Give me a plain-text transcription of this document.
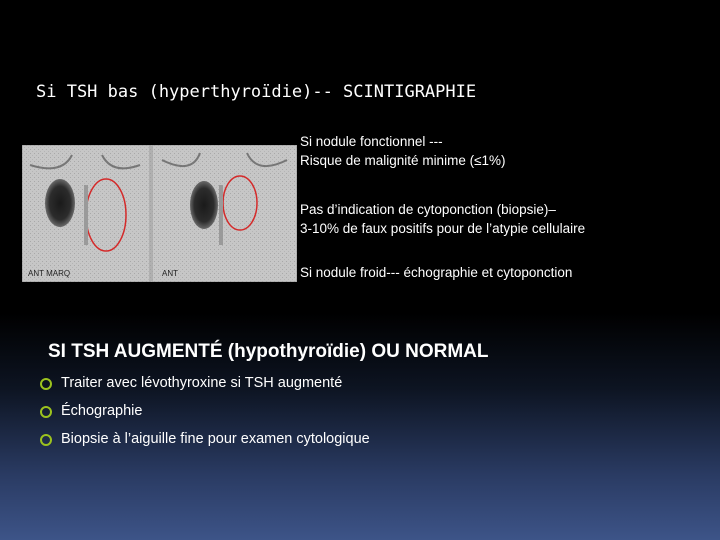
Si TSH bas (hyperthyroïdie)-- SCINTIGRAPHIE
ANT MARQ	ANT

Si nodule fonctionnel ---

Risque de malignité minime (≤1%)

Pas d’indication de cytoponction (biopsie)–

3-10% de faux positifs pour de l’atypie cellulaire

Si nodule froid--- échographie et cytoponction

SI TSH AUGMENTÉ (hypothyroïdie) OU NORMAL
Traiter avec lévothyroxine si TSH augmenté
Échographie
Biopsie à l’aiguille fine pour examen cytologique
